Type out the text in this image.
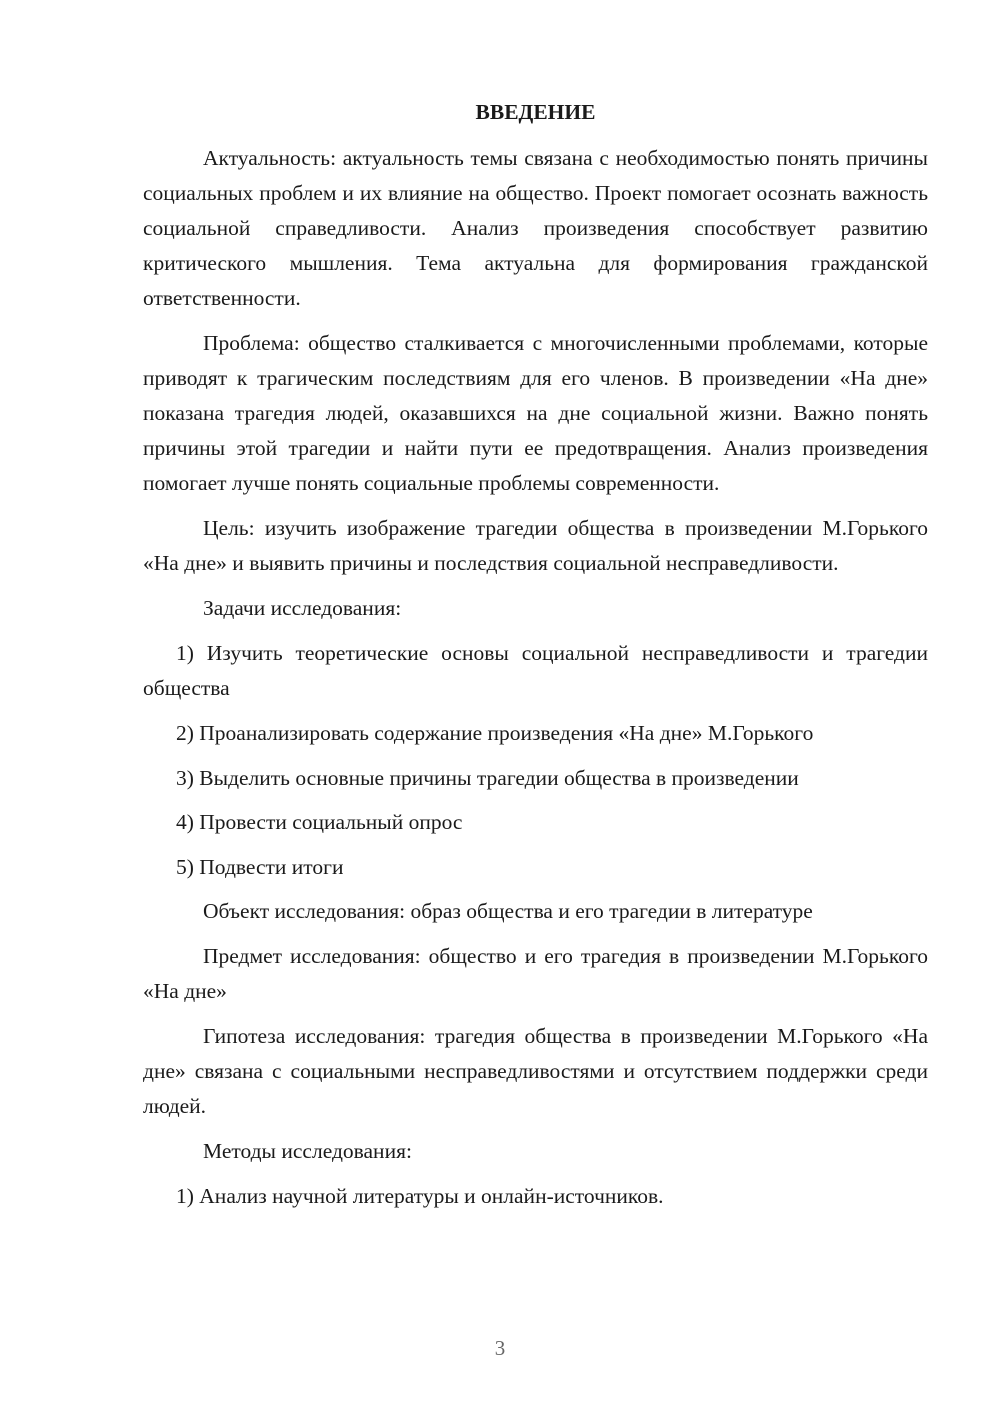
ВВЕДЕНИЕ

Актуальность: актуальность темы связана с необходимостью понять причины социальных проблем и их влияние на общество. Проект помогает осознать важность социальной справедливости. Анализ произведения способствует развитию критического мышления. Тема актуальна для формирования гражданской ответственности.

Проблема: общество сталкивается с многочисленными проблемами, которые приводят к трагическим последствиям для его членов. В произведении «На дне» показана трагедия людей, оказавшихся на дне социальной жизни. Важно понять причины этой трагедии и найти пути ее предотвращения. Анализ произведения помогает лучше понять социальные проблемы современности.

Цель: изучить изображение трагедии общества в произведении М.Горького «На дне» и выявить причины и последствия социальной несправедливости.

Задачи исследования:

1) Изучить теоретические основы социальной несправедливости и трагедии общества

2) Проанализировать содержание произведения «На дне» М.Горького

3) Выделить основные причины трагедии общества в произведении

4) Провести социальный опрос

5) Подвести итоги

Объект исследования: образ общества и его трагедии в литературе

Предмет исследования: общество и его трагедия в произведении М.Горького «На дне»

Гипотеза исследования: трагедия общества в произведении М.Горького «На дне» связана с социальными несправедливостями и отсутствием поддержки среди людей.

Методы исследования:

1) Анализ научной литературы и онлайн-источников.

3
